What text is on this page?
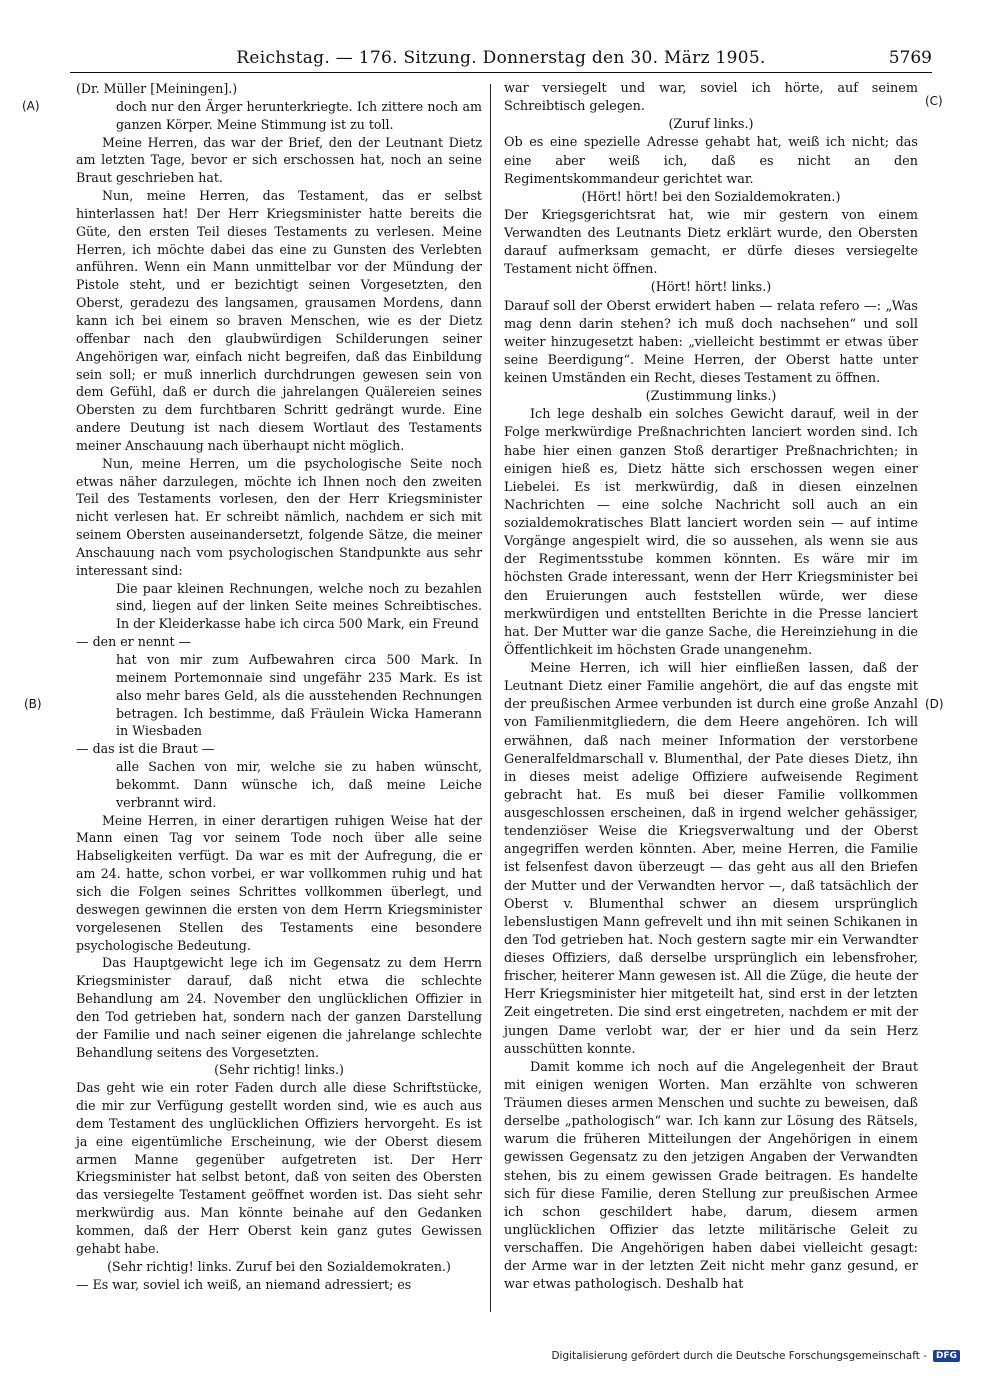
Reichstag. — 176. Sitzung. Donnerstag den 30. März 1905.	5769
(A)
(B)
(C)
(D)

(Dr. Müller [Meiningen].)

doch nur den Ärger herunterkriegte. Ich zittere noch am ganzen Körper. Meine Stimmung ist zu toll.

Meine Herren, das war der Brief, den der Leutnant Dietz am letzten Tage, bevor er sich erschossen hat, noch an seine Braut geschrieben hat.

Nun, meine Herren, das Testament, das er selbst hinterlassen hat! Der Herr Kriegsminister hatte bereits die Güte, den ersten Teil dieses Testaments zu verlesen. Meine Herren, ich möchte dabei das eine zu Gunsten des Verlebten anführen. Wenn ein Mann unmittelbar vor der Mündung der Pistole steht, und er bezichtigt seinen Vorgesetzten, den Oberst, geradezu des langsamen, grausamen Mordens, dann kann ich bei einem so braven Menschen, wie es der Dietz offenbar nach den glaubwürdigen Schilderungen seiner Angehörigen war, einfach nicht begreifen, daß das Einbildung sein soll; er muß innerlich durchdrungen gewesen sein von dem Gefühl, daß er durch die jahrelangen Quälereien seines Obersten zu dem furchtbaren Schritt gedrängt wurde. Eine andere Deutung ist nach diesem Wortlaut des Testaments meiner Anschauung nach überhaupt nicht möglich.

Nun, meine Herren, um die psychologische Seite noch etwas näher darzulegen, möchte ich Ihnen noch den zweiten Teil des Testaments vorlesen, den der Herr Kriegsminister nicht verlesen hat. Er schreibt nämlich, nachdem er sich mit seinem Obersten auseinandersetzt, folgende Sätze, die meiner Anschauung nach vom psychologischen Standpunkte aus sehr interessant sind:

Die paar kleinen Rechnungen, welche noch zu bezahlen sind, liegen auf der linken Seite meines Schreibtisches. In der Kleiderkasse habe ich circa 500 Mark, ein Freund

— den er nennt —

hat von mir zum Aufbewahren circa 500 Mark. In meinem Portemonnaie sind ungefähr 235 Mark. Es ist also mehr bares Geld, als die ausstehenden Rechnungen betragen. Ich bestimme, daß Fräulein Wicka Hamerann in Wiesbaden

— das ist die Braut —

alle Sachen von mir, welche sie zu haben wünscht, bekommt. Dann wünsche ich, daß meine Leiche verbrannt wird.

Meine Herren, in einer derartigen ruhigen Weise hat der Mann einen Tag vor seinem Tode noch über alle seine Habseligkeiten verfügt. Da war es mit der Aufregung, die er am 24. hatte, schon vorbei, er war vollkommen ruhig und hat sich die Folgen seines Schrittes vollkommen überlegt, und deswegen gewinnen die ersten von dem Herrn Kriegsminister vorgelesenen Stellen des Testaments eine besondere psychologische Bedeutung.

Das Hauptgewicht lege ich im Gegensatz zu dem Herrn Kriegsminister darauf, daß nicht etwa die schlechte Behandlung am 24. November den unglücklichen Offizier in den Tod getrieben hat, sondern nach der ganzen Darstellung der Familie und nach seiner eigenen die jahrelange schlechte Behandlung seitens des Vorgesetzten.

(Sehr richtig! links.)

Das geht wie ein roter Faden durch alle diese Schriftstücke, die mir zur Verfügung gestellt worden sind, wie es auch aus dem Testament des unglücklichen Offiziers hervorgeht. Es ist ja eine eigentümliche Erscheinung, wie der Oberst diesem armen Manne gegenüber aufgetreten ist. Der Herr Kriegsminister hat selbst betont, daß von seiten des Obersten das versiegelte Testament geöffnet worden ist. Das sieht sehr merkwürdig aus. Man könnte beinahe auf den Gedanken kommen, daß der Herr Oberst kein ganz gutes Gewissen gehabt habe.

(Sehr richtig! links. Zuruf bei den Sozialdemokraten.)

— Es war, soviel ich weiß, an niemand adressiert; es

war versiegelt und war, soviel ich hörte, auf seinem Schreibtisch gelegen.

(Zuruf links.)

Ob es eine spezielle Adresse gehabt hat, weiß ich nicht; das eine aber weiß ich, daß es nicht an den Regimentskommandeur gerichtet war.

(Hört! hört! bei den Sozialdemokraten.)

Der Kriegsgerichtsrat hat, wie mir gestern von einem Verwandten des Leutnants Dietz erklärt wurde, den Obersten darauf aufmerksam gemacht, er dürfe dieses versiegelte Testament nicht öffnen.

(Hört! hört! links.)

Darauf soll der Oberst erwidert haben — relata refero —: „Was mag denn darin stehen? ich muß doch nachsehen“ und soll weiter hinzugesetzt haben: „vielleicht bestimmt er etwas über seine Beerdigung“. Meine Herren, der Oberst hatte unter keinen Umständen ein Recht, dieses Testament zu öffnen.

(Zustimmung links.)

Ich lege deshalb ein solches Gewicht darauf, weil in der Folge merkwürdige Preßnachrichten lanciert worden sind. Ich habe hier einen ganzen Stoß derartiger Preßnachrichten; in einigen hieß es, Dietz hätte sich erschossen wegen einer Liebelei. Es ist merkwürdig, daß in diesen einzelnen Nachrichten — eine solche Nachricht soll auch an ein sozialdemokratisches Blatt lanciert worden sein — auf intime Vorgänge angespielt wird, die so aussehen, als wenn sie aus der Regimentsstube kommen könnten. Es wäre mir im höchsten Grade interessant, wenn der Herr Kriegsminister bei den Eruierungen auch feststellen würde, wer diese merkwürdigen und entstellten Berichte in die Presse lanciert hat. Der Mutter war die ganze Sache, die Hereinziehung in die Öffentlichkeit im höchsten Grade unangenehm.

Meine Herren, ich will hier einfließen lassen, daß der Leutnant Dietz einer Familie angehört, die auf das engste mit der preußischen Armee verbunden ist durch eine große Anzahl von Familienmitgliedern, die dem Heere angehören. Ich will erwähnen, daß nach meiner Information der verstorbene Generalfeldmarschall v. Blumenthal, der Pate dieses Dietz, ihn in dieses meist adelige Offiziere aufweisende Regiment gebracht hat. Es muß bei dieser Familie vollkommen ausgeschlossen erscheinen, daß in irgend welcher gehässiger, tendenziöser Weise die Kriegsverwaltung und der Oberst angegriffen werden könnten. Aber, meine Herren, die Familie ist felsenfest davon überzeugt — das geht aus all den Briefen der Mutter und der Verwandten hervor —, daß tatsächlich der Oberst v. Blumenthal schwer an diesem ursprünglich lebenslustigen Mann gefrevelt und ihn mit seinen Schikanen in den Tod getrieben hat. Noch gestern sagte mir ein Verwandter dieses Offiziers, daß derselbe ursprünglich ein lebensfroher, frischer, heiterer Mann gewesen ist. All die Züge, die heute der Herr Kriegsminister hier mitgeteilt hat, sind erst in der letzten Zeit eingetreten. Die sind erst eingetreten, nachdem er mit der jungen Dame verlobt war, der er hier und da sein Herz ausschütten konnte.

Damit komme ich noch auf die Angelegenheit der Braut mit einigen wenigen Worten. Man erzählte von schweren Träumen dieses armen Menschen und suchte zu beweisen, daß derselbe „pathologisch“ war. Ich kann zur Lösung des Rätsels, warum die früheren Mitteilungen der Angehörigen in einem gewissen Gegensatz zu den jetzigen Angaben der Verwandten stehen, bis zu einem gewissen Grade beitragen. Es handelte sich für diese Familie, deren Stellung zur preußischen Armee ich schon geschildert habe, darum, diesem armen unglücklichen Offizier das letzte militärische Geleit zu verschaffen. Die Angehörigen haben dabei vielleicht gesagt: der Arme war in der letzten Zeit nicht mehr ganz gesund, er war etwas pathologisch. Deshalb hat

Digitalisierung gefördert durch die Deutsche Forschungsgemeinschaft -	DFG
